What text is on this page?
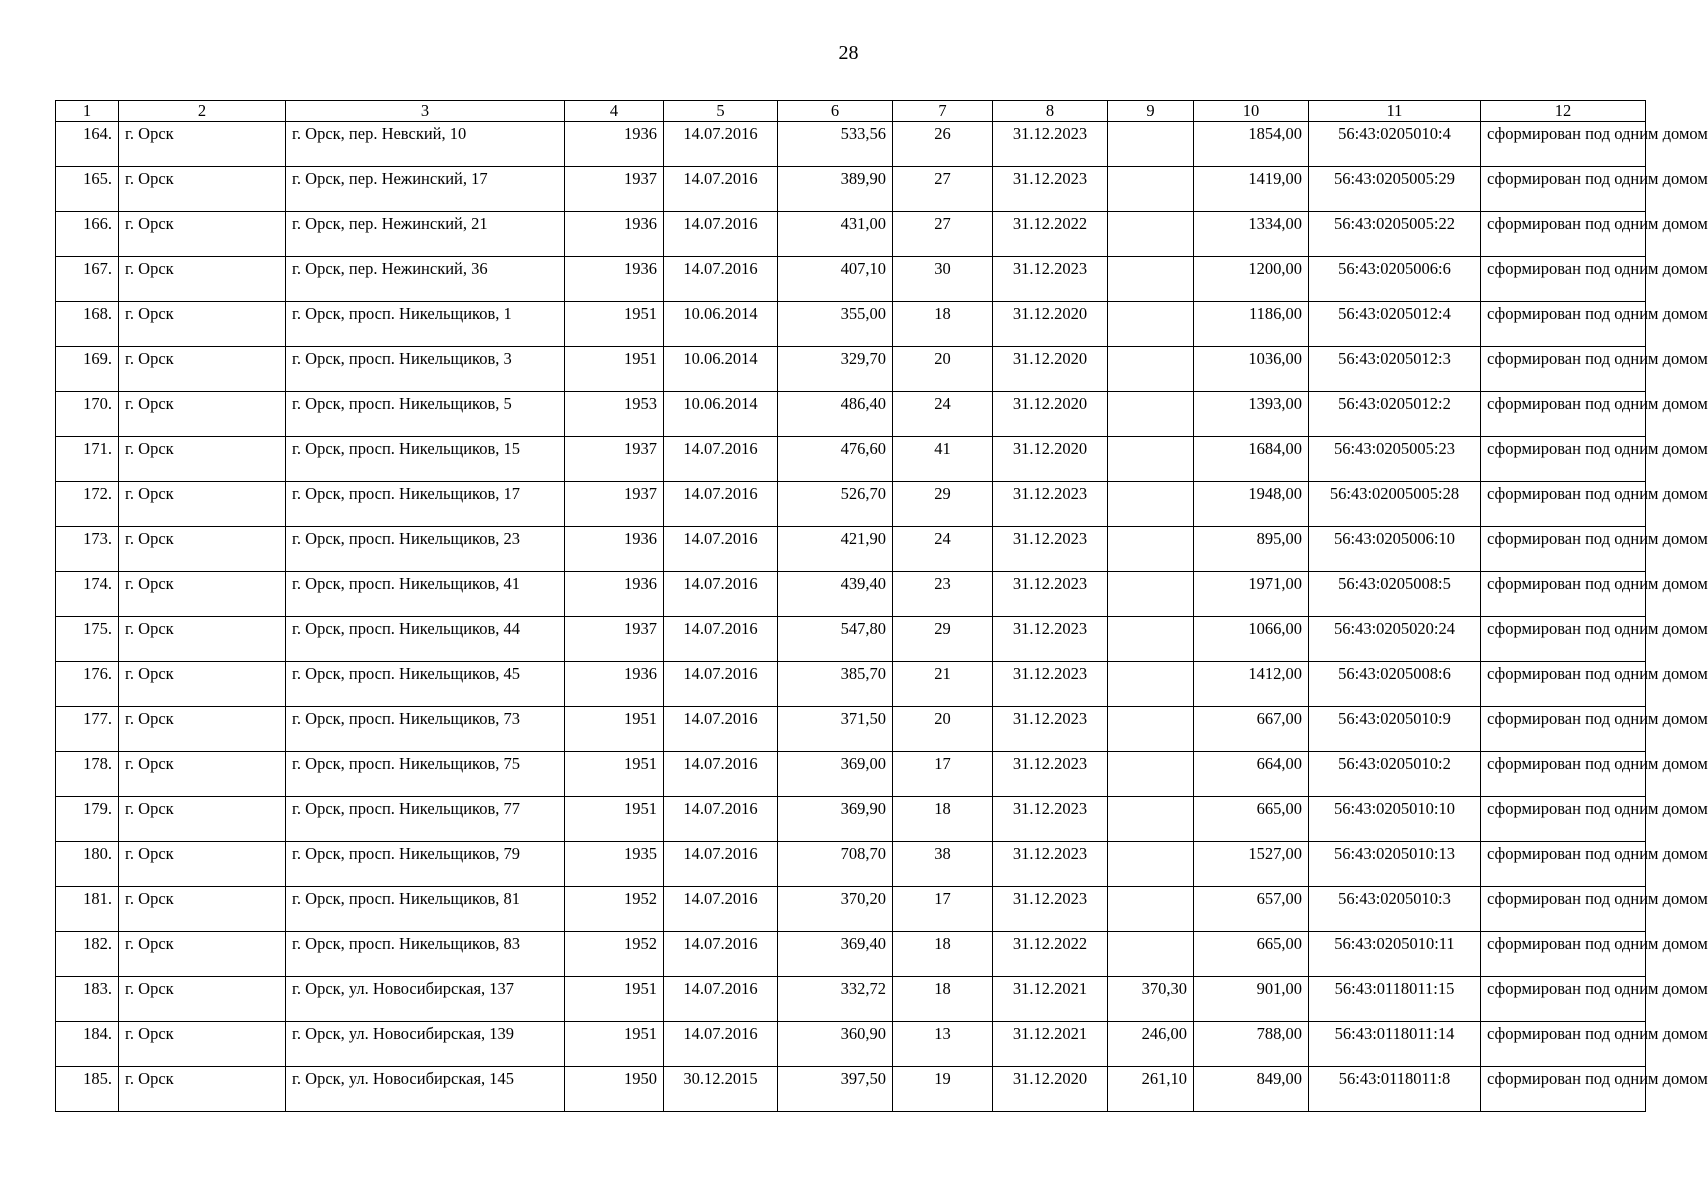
28
1	2	3	4	5	6	7	8	9	10	11	12
164.	г. Орск	г. Орск, пер. Невский, 10	1936	14.07.2016	533,56	26	31.12.2023		1854,00	56:43:0205010:4	сформирован под одним домом
165.	г. Орск	г. Орск, пер. Нежинский, 17	1937	14.07.2016	389,90	27	31.12.2023		1419,00	56:43:0205005:29	сформирован под одним домом
166.	г. Орск	г. Орск, пер. Нежинский, 21	1936	14.07.2016	431,00	27	31.12.2022		1334,00	56:43:0205005:22	сформирован под одним домом
167.	г. Орск	г. Орск, пер. Нежинский, 36	1936	14.07.2016	407,10	30	31.12.2023		1200,00	56:43:0205006:6	сформирован под одним домом
168.	г. Орск	г. Орск, просп. Никельщиков, 1	1951	10.06.2014	355,00	18	31.12.2020		1186,00	56:43:0205012:4	сформирован под одним домом
169.	г. Орск	г. Орск, просп. Никельщиков, 3	1951	10.06.2014	329,70	20	31.12.2020		1036,00	56:43:0205012:3	сформирован под одним домом
170.	г. Орск	г. Орск, просп. Никельщиков, 5	1953	10.06.2014	486,40	24	31.12.2020		1393,00	56:43:0205012:2	сформирован под одним домом
171.	г. Орск	г. Орск, просп. Никельщиков, 15	1937	14.07.2016	476,60	41	31.12.2020		1684,00	56:43:0205005:23	сформирован под одним домом
172.	г. Орск	г. Орск, просп. Никельщиков, 17	1937	14.07.2016	526,70	29	31.12.2023		1948,00	56:43:02005005:28	сформирован под одним домом
173.	г. Орск	г. Орск, просп. Никельщиков, 23	1936	14.07.2016	421,90	24	31.12.2023		895,00	56:43:0205006:10	сформирован под одним домом
174.	г. Орск	г. Орск, просп. Никельщиков, 41	1936	14.07.2016	439,40	23	31.12.2023		1971,00	56:43:0205008:5	сформирован под одним домом
175.	г. Орск	г. Орск, просп. Никельщиков, 44	1937	14.07.2016	547,80	29	31.12.2023		1066,00	56:43:0205020:24	сформирован под одним домом
176.	г. Орск	г. Орск, просп. Никельщиков, 45	1936	14.07.2016	385,70	21	31.12.2023		1412,00	56:43:0205008:6	сформирован под одним домом
177.	г. Орск	г. Орск, просп. Никельщиков, 73	1951	14.07.2016	371,50	20	31.12.2023		667,00	56:43:0205010:9	сформирован под одним домом
178.	г. Орск	г. Орск, просп. Никельщиков, 75	1951	14.07.2016	369,00	17	31.12.2023		664,00	56:43:0205010:2	сформирован под одним домом
179.	г. Орск	г. Орск, просп. Никельщиков, 77	1951	14.07.2016	369,90	18	31.12.2023		665,00	56:43:0205010:10	сформирован под одним домом
180.	г. Орск	г. Орск, просп. Никельщиков, 79	1935	14.07.2016	708,70	38	31.12.2023		1527,00	56:43:0205010:13	сформирован под одним домом
181.	г. Орск	г. Орск, просп. Никельщиков, 81	1952	14.07.2016	370,20	17	31.12.2023		657,00	56:43:0205010:3	сформирован под одним домом
182.	г. Орск	г. Орск, просп. Никельщиков, 83	1952	14.07.2016	369,40	18	31.12.2022		665,00	56:43:0205010:11	сформирован под одним домом
183.	г. Орск	г. Орск, ул. Новосибирская, 137	1951	14.07.2016	332,72	18	31.12.2021	370,30	901,00	56:43:0118011:15	сформирован под одним домом
184.	г. Орск	г. Орск, ул. Новосибирская, 139	1951	14.07.2016	360,90	13	31.12.2021	246,00	788,00	56:43:0118011:14	сформирован под одним домом
185.	г. Орск	г. Орск, ул. Новосибирская, 145	1950	30.12.2015	397,50	19	31.12.2020	261,10	849,00	56:43:0118011:8	сформирован под одним домом
